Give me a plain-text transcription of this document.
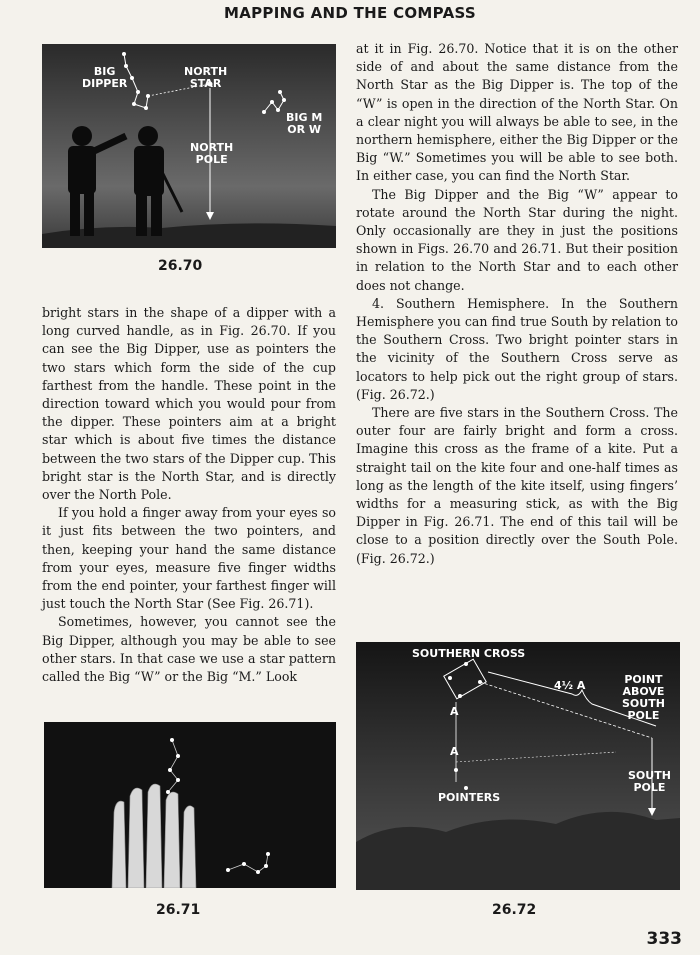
MAPPING AND THE COMPASS
BIG
DIPPER
NORTH
STAR
BIG M
OR W
NORTH
POLE
26.70

bright stars in the shape of a dipper with a long curved handle, as in Fig. 26.70. If you can see the Big Dipper, use as pointers the two stars which form the side of the cup farthest from the handle. These point in the direction toward which you would pour from the dipper. These pointers aim at a bright star which is about five times the distance between the two stars of the Dipper cup. This bright star is the North Star, and is directly over the North Pole.

If you hold a finger away from your eyes so it just fits between the two pointers, and then, keeping your hand the same distance from your eyes, measure five finger widths from the end pointer, your farthest finger will just touch the North Star (See Fig. 26.71).

Sometimes, however, you cannot see the Big Dipper, although you may be able to see other stars. In that case we use a star pattern called the Big “W” or the Big “M.” Look

26.71

at it in Fig. 26.70. Notice that it is on the other side of and about the same distance from the North Star as the Big Dipper is. The top of the “W” is open in the direction of the North Star. On a clear night you will always be able to see, in the northern hemisphere, either the Big Dipper or the Big “W.” Sometimes you will be able to see both. In either case, you can find the North Star.

The Big Dipper and the Big “W” appear to rotate around the North Star during the night. Only occasionally are they in just the positions shown in Figs. 26.70 and 26.71. But their position in relation to the North Star and to each other does not change.

4. Southern Hemisphere. In the Southern Hemisphere you can find true South by relation to the Southern Cross. Two bright pointer stars in the vicinity of the Southern Cross serve as locators to help pick out the right group of stars. (Fig. 26.72.)

There are five stars in the Southern Cross. The outer four are fairly bright and form a cross. Imagine this cross as the frame of a kite. Put a straight tail on the kite four and one-half times as long as the length of the kite itself, using fingers’ widths for a measuring stick, as with the Big Dipper in Fig. 26.71. The end of this tail will be close to a position directly over the South Pole. (Fig. 26.72.)

SOUTHERN CROSS
4½ A
A
A
POINT
ABOVE
SOUTH
POLE
SOUTH
POLE
POINTERS
26.72
333
